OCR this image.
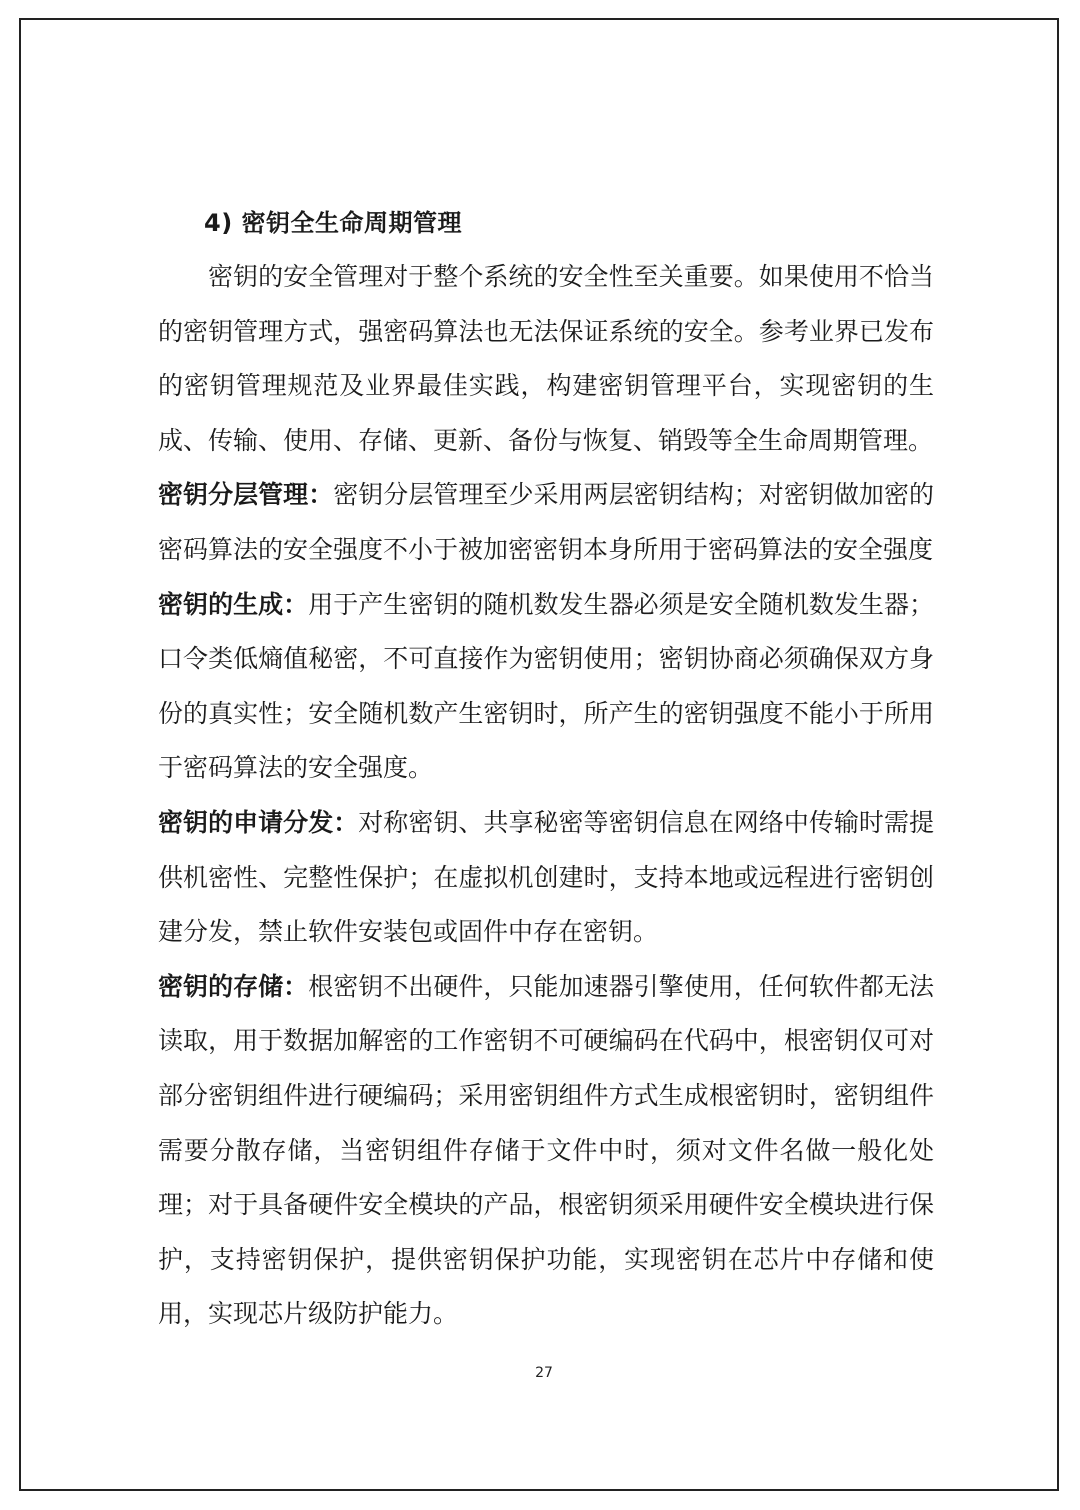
4) 密钥全生命周期管理

密钥的安全管理对于整个系统的安全性至关重要。如果使用不恰当的密钥管理方式，强密码算法也无法保证系统的安全。参考业界已发布的密钥管理规范及业界最佳实践，构建密钥管理平台，实现密钥的生成、传输、使用、存储、更新、备份与恢复、销毁等全生命周期管理。

密钥分层管理：密钥分层管理至少采用两层密钥结构；对密钥做加密的密码算法的安全强度不小于被加密密钥本身所用于密码算法的安全强度

密钥的生成：用于产生密钥的随机数发生器必须是安全随机数发生器；口令类低熵值秘密，不可直接作为密钥使用；密钥协商必须确保双方身份的真实性；安全随机数产生密钥时，所产生的密钥强度不能小于所用于密码算法的安全强度。

密钥的申请分发：对称密钥、共享秘密等密钥信息在网络中传输时需提供机密性、完整性保护；在虚拟机创建时，支持本地或远程进行密钥创建分发，禁止软件安装包或固件中存在密钥。

密钥的存储：根密钥不出硬件，只能加速器引擎使用，任何软件都无法读取，用于数据加解密的工作密钥不可硬编码在代码中，根密钥仅可对部分密钥组件进行硬编码；采用密钥组件方式生成根密钥时，密钥组件需要分散存储，当密钥组件存储于文件中时，须对文件名做一般化处理；对于具备硬件安全模块的产品，根密钥须采用硬件安全模块进行保护，支持密钥保护，提供密钥保护功能，实现密钥在芯片中存储和使用，实现芯片级防护能力。

27
